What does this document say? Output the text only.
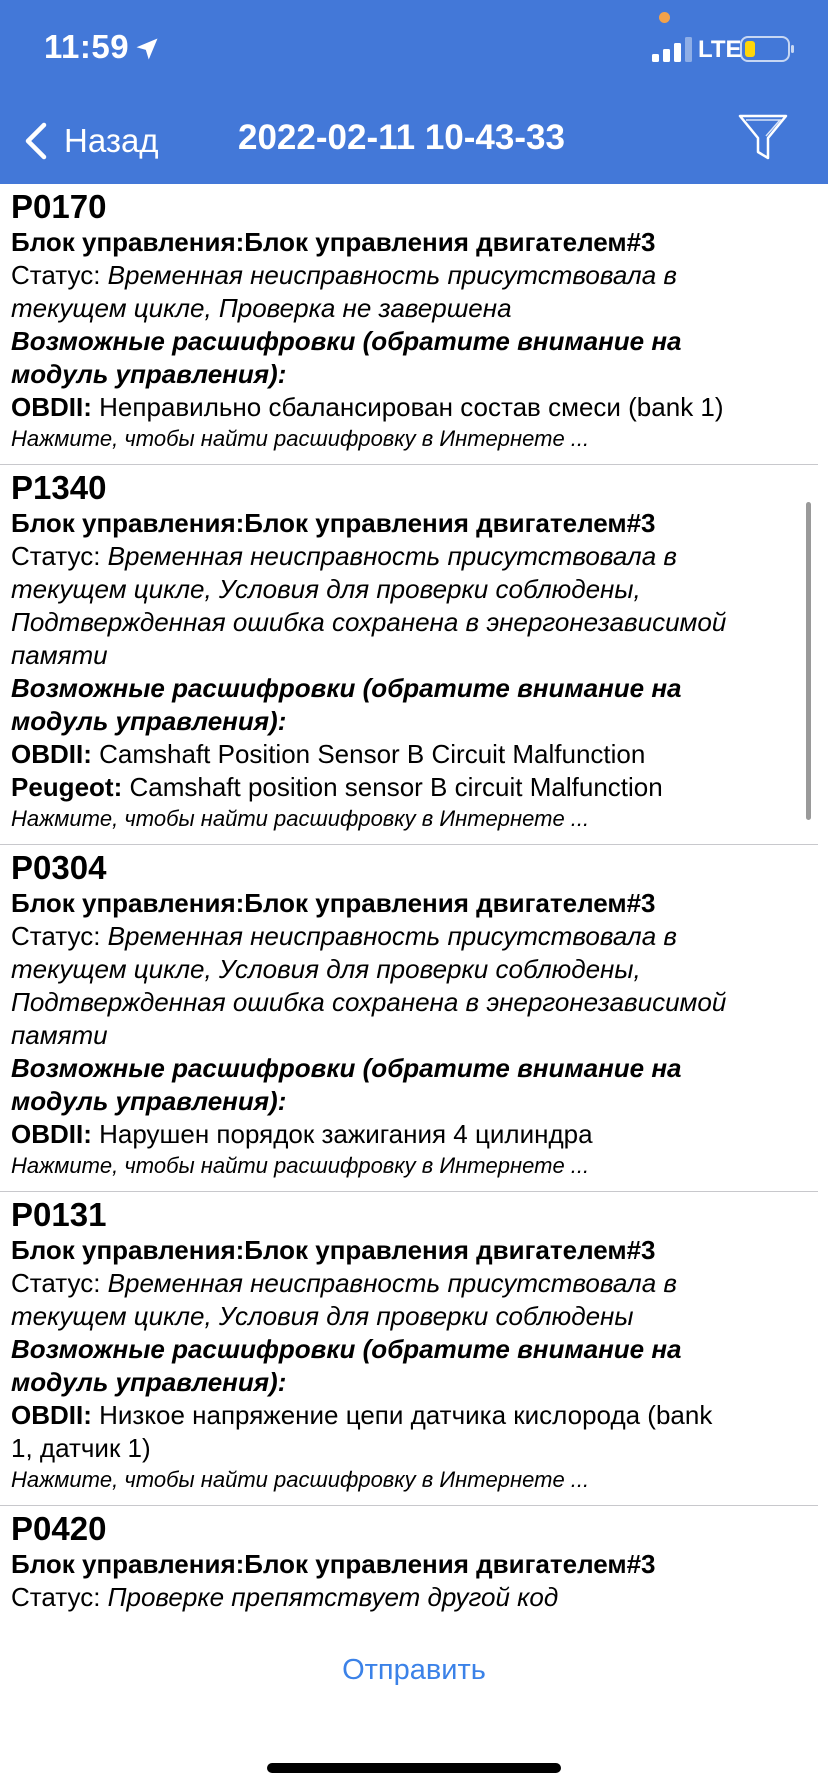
11:59	LTE
Назад 2022-02-11 10-43-33
P0170
Блок управления:Блок управления двигателем#3
Статус: Временная неисправность присутствовала в
текущем цикле, Проверка не завершена
Возможные расшифровки (обратите внимание на
модуль управления):
OBDII: Неправильно сбалансирован состав смеси (bank 1)
Нажмите, чтобы найти расшифровку в Интернете ...
P1340
Блок управления:Блок управления двигателем#3
Статус: Временная неисправность присутствовала в
текущем цикле, Условия для проверки соблюдены,
Подтвержденная ошибка сохранена в энергонезависимой
памяти
Возможные расшифровки (обратите внимание на
модуль управления):
OBDII: Camshaft Position Sensor B Circuit Malfunction
Peugeot: Camshaft position sensor B circuit Malfunction
Нажмите, чтобы найти расшифровку в Интернете ...
P0304
Блок управления:Блок управления двигателем#3
Статус: Временная неисправность присутствовала в
текущем цикле, Условия для проверки соблюдены,
Подтвержденная ошибка сохранена в энергонезависимой
памяти
Возможные расшифровки (обратите внимание на
модуль управления):
OBDII: Нарушен порядок зажигания 4 цилиндра
Нажмите, чтобы найти расшифровку в Интернете ...
P0131
Блок управления:Блок управления двигателем#3
Статус: Временная неисправность присутствовала в
текущем цикле, Условия для проверки соблюдены
Возможные расшифровки (обратите внимание на
модуль управления):
OBDII: Низкое напряжение цепи датчика кислорода (bank
1, датчик 1)
Нажмите, чтобы найти расшифровку в Интернете ...
P0420
Блок управления:Блок управления двигателем#3
Статус: Проверке препятствует другой код
Отправить
